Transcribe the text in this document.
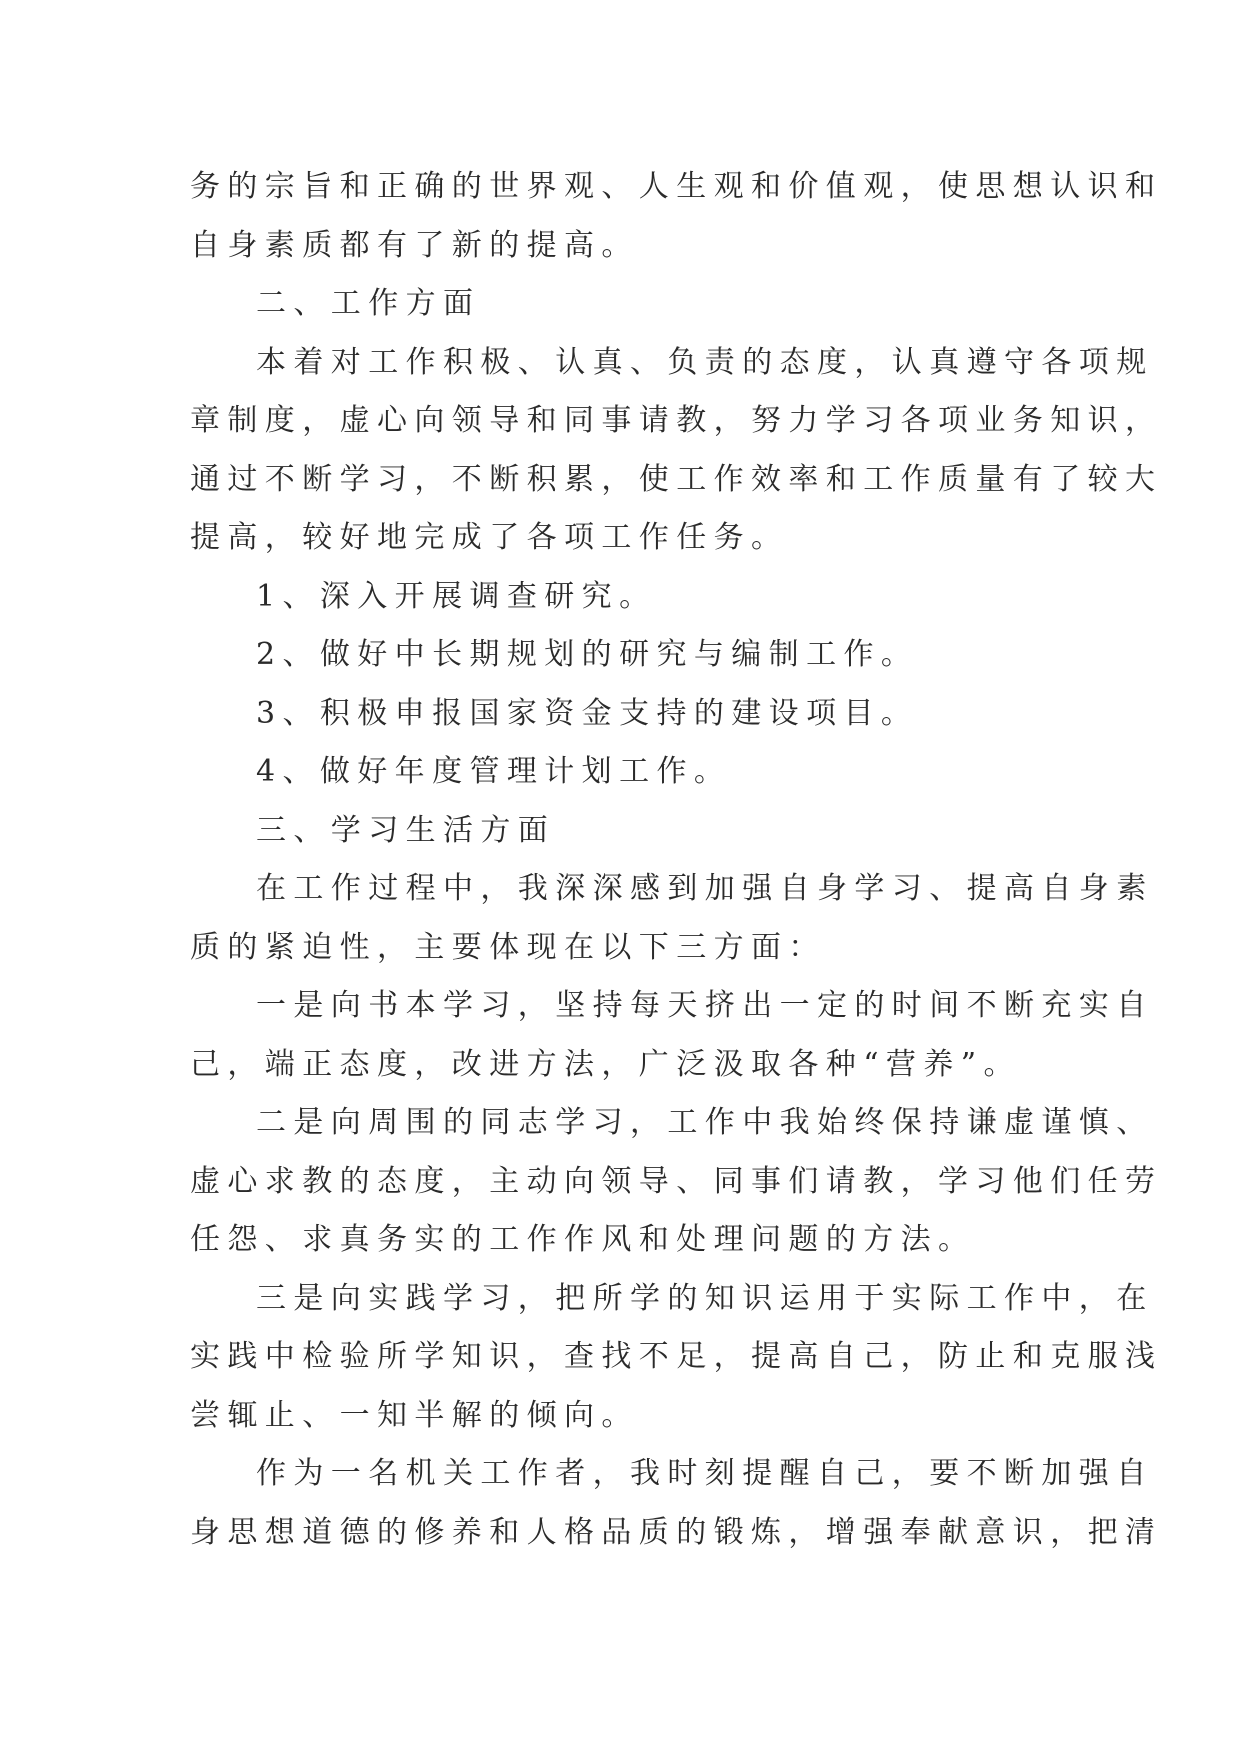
务的宗旨和正确的世界观、人生观和价值观，使思想认识和
自身素质都有了新的提高。
二、工作方面
本着对工作积极、认真、负责的态度，认真遵守各项规
章制度，虚心向领导和同事请教，努力学习各项业务知识，
通过不断学习，不断积累，使工作效率和工作质量有了较大
提高，较好地完成了各项工作任务。
1、深入开展调查研究。
2、做好中长期规划的研究与编制工作。
3、积极申报国家资金支持的建设项目。
4、做好年度管理计划工作。
三、学习生活方面
在工作过程中，我深深感到加强自身学习、提高自身素
质的紧迫性，主要体现在以下三方面：
一是向书本学习，坚持每天挤出一定的时间不断充实自
己，端正态度，改进方法，广泛汲取各种“营养”。
二是向周围的同志学习，工作中我始终保持谦虚谨慎、
虚心求教的态度，主动向领导、同事们请教，学习他们任劳
任怨、求真务实的工作作风和处理问题的方法。
三是向实践学习，把所学的知识运用于实际工作中，在
实践中检验所学知识，查找不足，提高自己，防止和克服浅
尝辄止、一知半解的倾向。
作为一名机关工作者，我时刻提醒自己，要不断加强自
身思想道德的修养和人格品质的锻炼，增强奉献意识，把清
